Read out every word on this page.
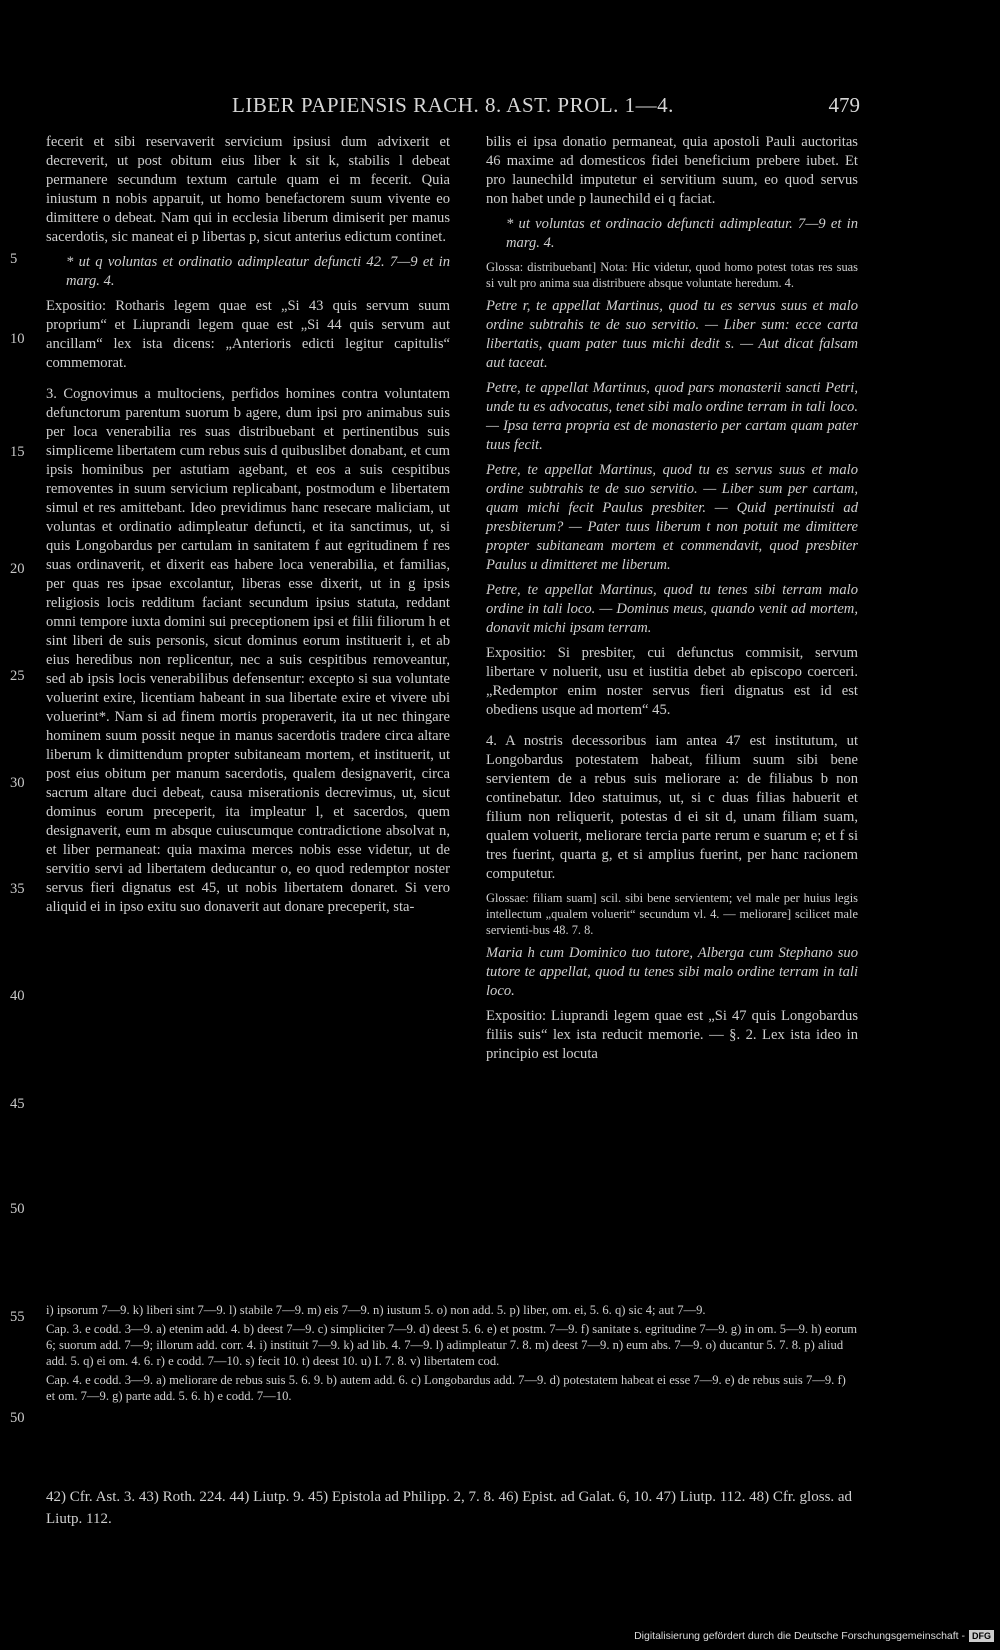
LIBER PAPIENSIS RACH. 8. AST. PROL. 1—4.	479
5
10
15
20
25
30
35
40
45
50
55
50

fecerit et sibi reservaverit servicium ipsiusi dum advixerit et decreverit, ut post obitum eius liber k sit k, stabilis l debeat permanere secundum textum cartule quam ei m fecerit. Quia iniustum n nobis apparuit, ut homo benefactorem suum vivente eo dimittere o debeat. Nam qui in ecclesia liberum dimiserit per manus sacerdotis, sic maneat ei p libertas p, sicut anterius edictum continet.

* ut q voluntas et ordinatio adimpleatur defuncti 42. 7—9 et in marg. 4.

Expositio: Rotharis legem quae est „Si 43 quis servum suum proprium“ et Liuprandi legem quae est „Si 44 quis servum aut ancillam“ lex ista dicens: „Anterioris edicti legitur capitulis“ commemorat.

3. Cognovimus a multociens, perfidos homines contra voluntatem defunctorum parentum suorum b agere, dum ipsi pro animabus suis per loca venerabilia res suas distribuebant et pertinentibus suis simpliceme libertatem cum rebus suis d quibuslibet donabant, et cum ipsis hominibus per astutiam agebant, et eos a suis cespitibus removentes in suum servicium replicabant, postmodum e libertatem simul et res amittebant. Ideo previdimus hanc resecare maliciam, ut voluntas et ordinatio adimpleatur defuncti, et ita sanctimus, ut, si quis Longobardus per cartulam in sanitatem f aut egritudinem f res suas ordinaverit, et dixerit eas habere loca venerabilia, et familias, per quas res ipsae excolantur, liberas esse dixerit, ut in g ipsis religiosis locis redditum faciant secundum ipsius statuta, reddant omni tempore iuxta domini sui preceptionem ipsi et filii filiorum h et sint liberi de suis personis, sicut dominus eorum instituerit i, et ab eius heredibus non replicentur, nec a suis cespitibus removeantur, sed ab ipsis locis venerabilibus defensentur: excepto si sua voluntate voluerint exire, licentiam habeant in sua libertate exire et vivere ubi voluerint*. Nam si ad finem mortis properaverit, ita ut nec thingare hominem suum possit neque in manus sacerdotis tradere circa altare liberum k dimittendum propter subitaneam mortem, et instituerit, ut post eius obitum per manum sacerdotis, qualem designaverit, circa sacrum altare duci debeat, causa miserationis decrevimus, ut, sicut dominus eorum preceperit, ita impleatur l, et sacerdos, quem designaverit, eum m absque cuiuscumque contradictione absolvat n, et liber permaneat: quia maxima merces nobis esse videtur, ut de servitio servi ad libertatem deducantur o, eo quod redemptor noster servus fieri dignatus est 45, ut nobis libertatem donaret. Si vero aliquid ei in ipso exitu suo donaverit aut donare preceperit, sta-

bilis ei ipsa donatio permaneat, quia apostoli Pauli auctoritas 46 maxime ad domesticos fidei beneficium prebere iubet. Et pro launechild imputetur ei servitium suum, eo quod servus non habet unde p launechild ei q faciat.

* ut voluntas et ordinacio defuncti adimpleatur. 7—9 et in marg. 4.

Glossa: distribuebant] Nota: Hic videtur, quod homo potest totas res suas si vult pro anima sua distribuere absque voluntate heredum. 4.

Petre r, te appellat Martinus, quod tu es servus suus et malo ordine subtrahis te de suo servitio. — Liber sum: ecce carta libertatis, quam pater tuus michi dedit s. — Aut dicat falsam aut taceat.

Petre, te appellat Martinus, quod pars monasterii sancti Petri, unde tu es advocatus, tenet sibi malo ordine terram in tali loco. — Ipsa terra propria est de monasterio per cartam quam pater tuus fecit.

Petre, te appellat Martinus, quod tu es servus suus et malo ordine subtrahis te de suo servitio. — Liber sum per cartam, quam michi fecit Paulus presbiter. — Quid pertinuisti ad presbiterum? — Pater tuus liberum t non potuit me dimittere propter subitaneam mortem et commendavit, quod presbiter Paulus u dimitteret me liberum.

Petre, te appellat Martinus, quod tu tenes sibi terram malo ordine in tali loco. — Dominus meus, quando venit ad mortem, donavit michi ipsam terram.

Expositio: Si presbiter, cui defunctus commisit, servum libertare v noluerit, usu et iustitia debet ab episcopo coerceri. „Redemptor enim noster servus fieri dignatus est id est obediens usque ad mortem“ 45.

4. A nostris decessoribus iam antea 47 est institutum, ut Longobardus potestatem habeat, filium suum sibi bene servientem de a rebus suis meliorare a: de filiabus b non continebatur. Ideo statuimus, ut, si c duas filias habuerit et filium non reliquerit, potestas d ei sit d, unam filiam suam, qualem voluerit, meliorare tercia parte rerum e suarum e; et f si tres fuerint, quarta g, et si amplius fuerint, per hanc racionem computetur.

Glossae: filiam suam] scil. sibi bene servientem; vel male per huius legis intellectum „qualem voluerit“ secundum vl. 4. — meliorare] scilicet male servienti-bus 48. 7. 8.

Maria h cum Dominico tuo tutore, Alberga cum Stephano suo tutore te appellat, quod tu tenes sibi malo ordine terram in tali loco.

Expositio: Liuprandi legem quae est „Si 47 quis Longobardus filiis suis“ lex ista reducit memorie. — §. 2. Lex ista ideo in principio est locuta

i) ipsorum 7—9. k) liberi sint 7—9. l) stabile 7—9. m) eis 7—9. n) iustum 5. o) non add. 5. p) liber, om. ei, 5. 6. q) sic 4; aut 7—9.

Cap. 3. e codd. 3—9. a) etenim add. 4. b) deest 7—9. c) simpliciter 7—9. d) deest 5. 6. e) et postm. 7—9. f) sanitate s. egritudine 7—9. g) in om. 5—9. h) eorum 6; suorum add. 7—9; illorum add. corr. 4. i) instituit 7—9. k) ad lib. 4. 7—9. l) adimpleatur 7. 8. m) deest 7—9. n) eum abs. 7—9. o) ducantur 5. 7. 8. p) aliud add. 5. q) ei om. 4. 6. r) e codd. 7—10. s) fecit 10. t) deest 10. u) I. 7. 8. v) libertatem cod.

Cap. 4. e codd. 3—9. a) meliorare de rebus suis 5. 6. 9. b) autem add. 6. c) Longobardus add. 7—9. d) potestatem habeat ei esse 7—9. e) de rebus suis 7—9. f) et om. 7—9. g) parte add. 5. 6. h) e codd. 7—10.

42) Cfr. Ast. 3. 43) Roth. 224. 44) Liutp. 9. 45) Epistola ad Philipp. 2, 7. 8. 46) Epist. ad Galat. 6, 10. 47) Liutp. 112. 48) Cfr. gloss. ad Liutp. 112.
Digitalisierung gefördert durch die Deutsche Forschungsgemeinschaft - DFG
